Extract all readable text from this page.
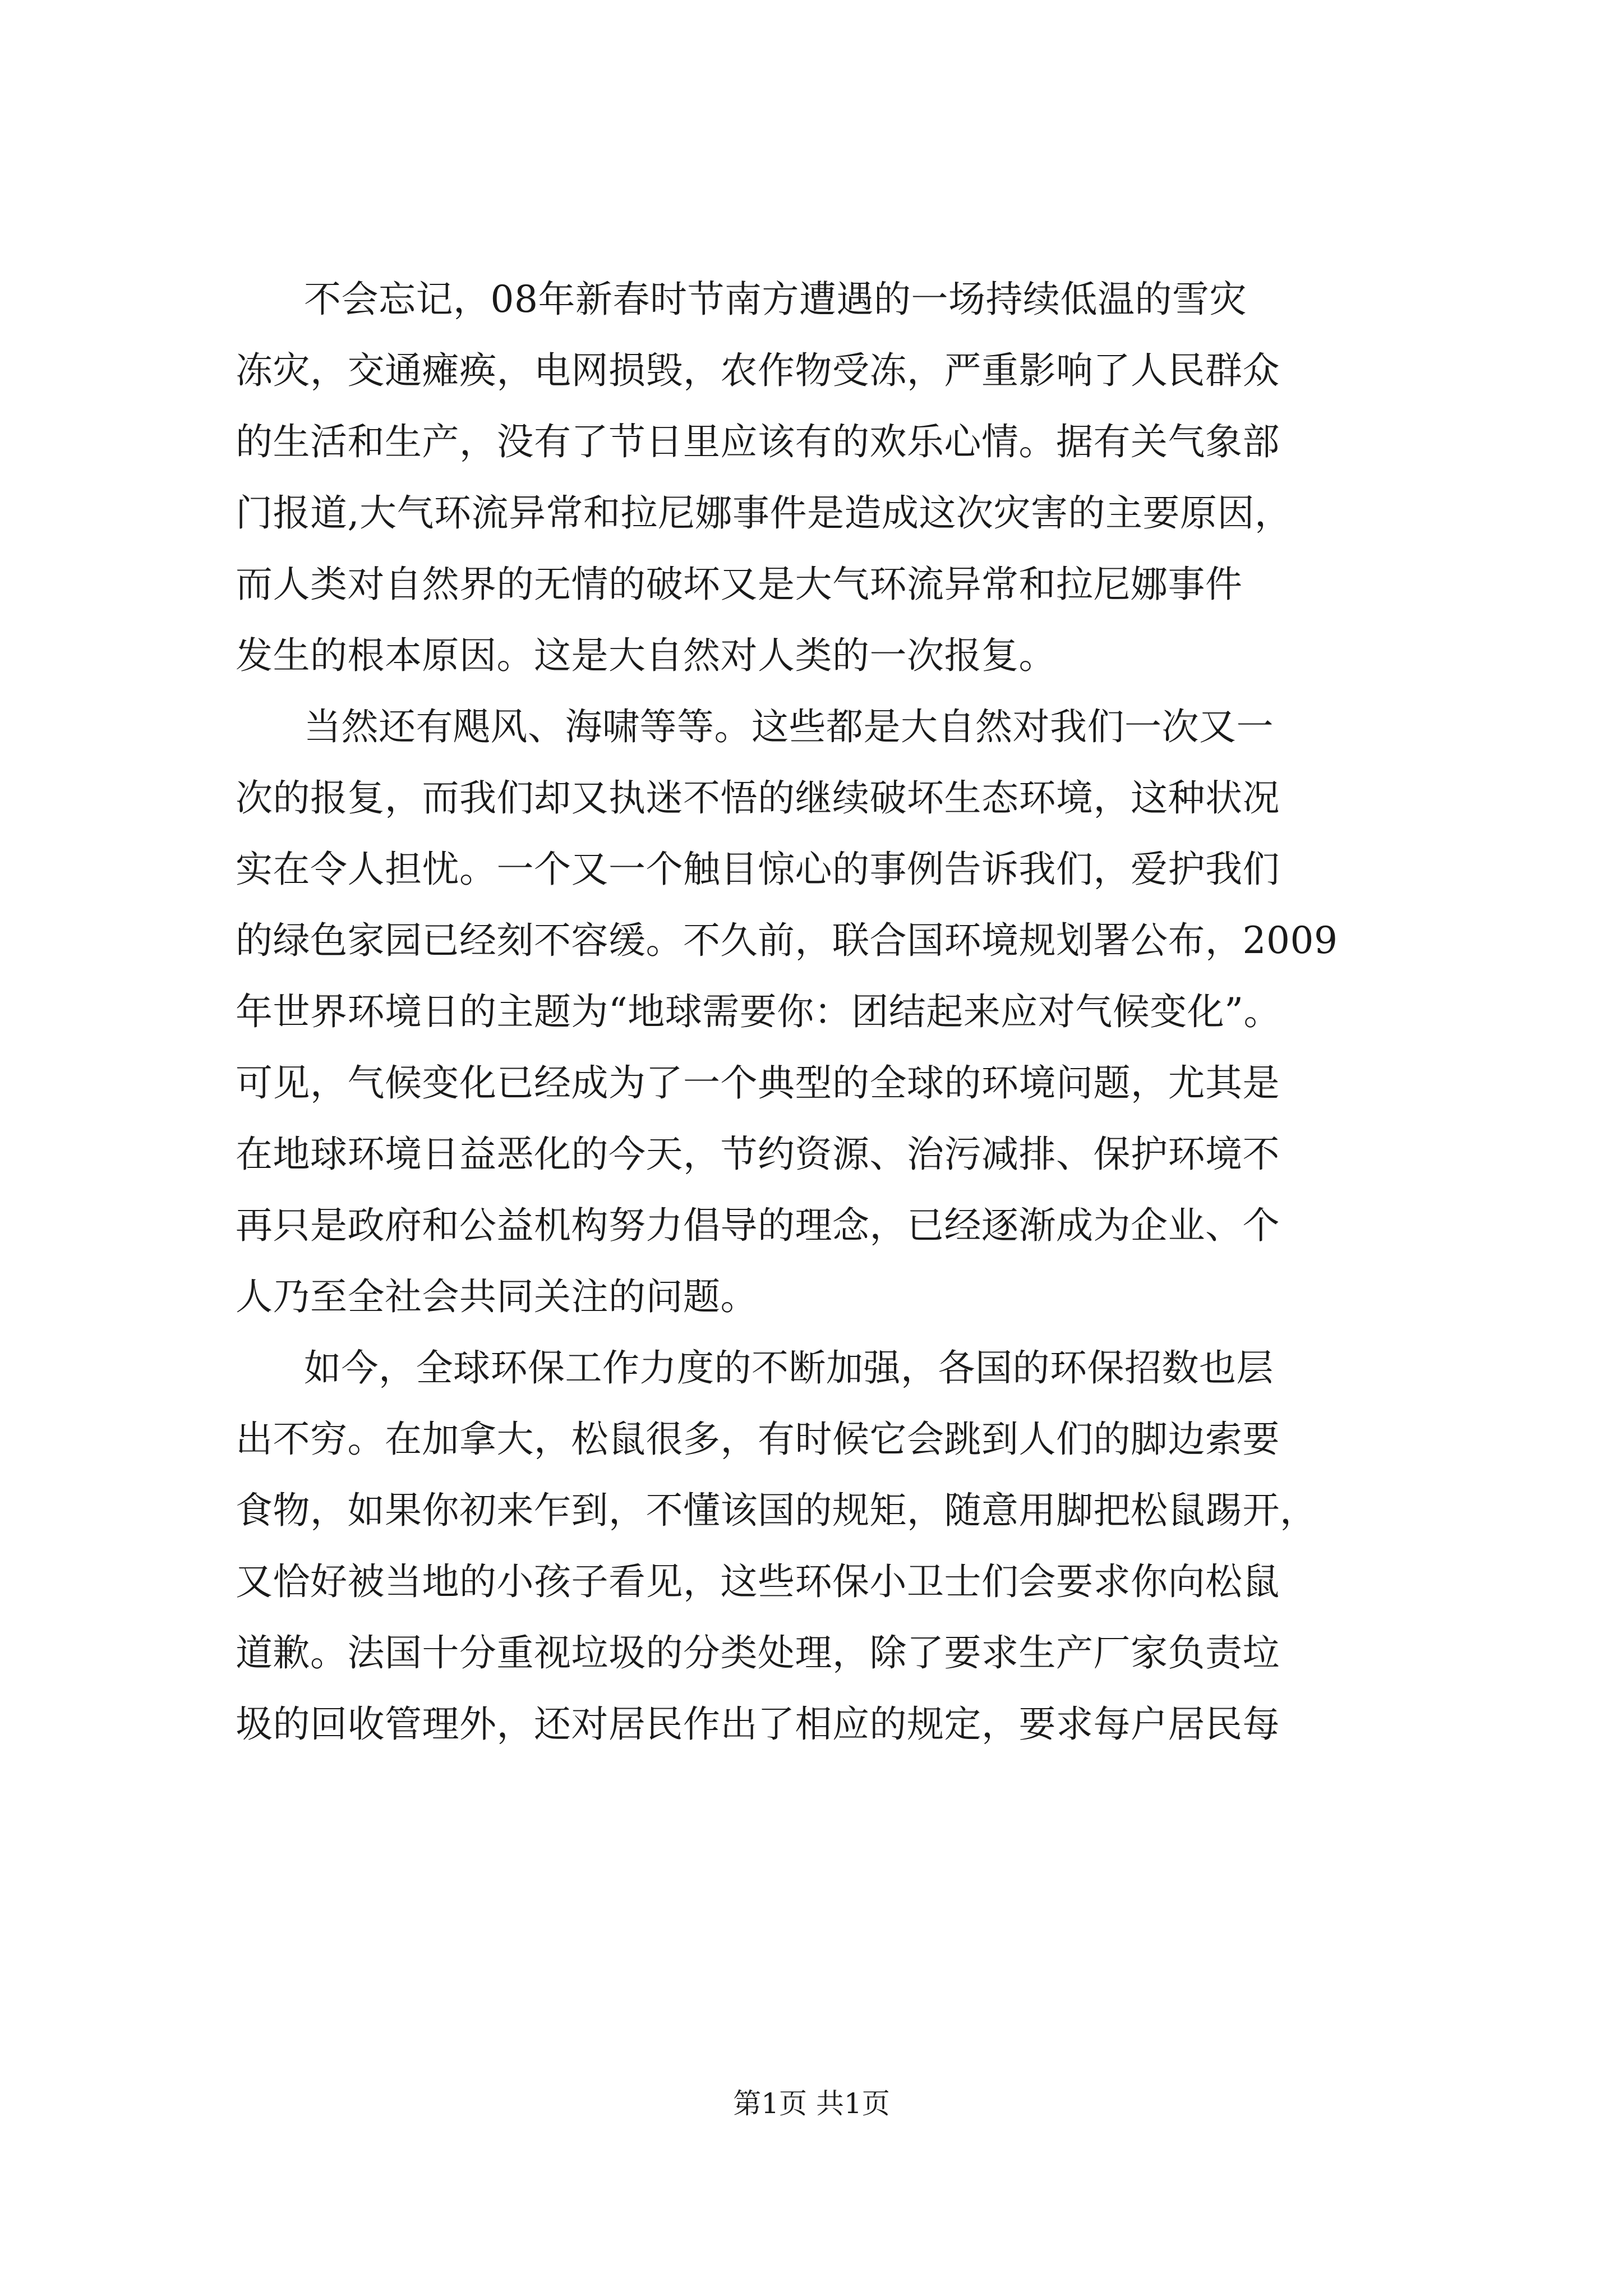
不会忘记，08年新春时节南方遭遇的一场持续低温的雪灾
冻灾，交通瘫痪，电网损毁，农作物受冻，严重影响了人民群众
的生活和生产，没有了节日里应该有的欢乐心情。据有关气象部
门报道,大气环流异常和拉尼娜事件是造成这次灾害的主要原因，
而人类对自然界的无情的破坏又是大气环流异常和拉尼娜事件
发生的根本原因。这是大自然对人类的一次报复。
当然还有飓风、海啸等等。这些都是大自然对我们一次又一
次的报复，而我们却又执迷不悟的继续破坏生态环境，这种状况
实在令人担忧。一个又一个触目惊心的事例告诉我们，爱护我们
的绿色家园已经刻不容缓。不久前，联合国环境规划署公布，2009
年世界环境日的主题为“地球需要你：团结起来应对气候变化”。
可见，气候变化已经成为了一个典型的全球的环境问题，尤其是
在地球环境日益恶化的今天，节约资源、治污减排、保护环境不
再只是政府和公益机构努力倡导的理念，已经逐渐成为企业、个
人乃至全社会共同关注的问题。
如今，全球环保工作力度的不断加强，各国的环保招数也层
出不穷。在加拿大，松鼠很多，有时候它会跳到人们的脚边索要
食物，如果你初来乍到，不懂该国的规矩，随意用脚把松鼠踢开，
又恰好被当地的小孩子看见，这些环保小卫士们会要求你向松鼠
道歉。法国十分重视垃圾的分类处理，除了要求生产厂家负责垃
圾的回收管理外，还对居民作出了相应的规定，要求每户居民每
第1页 共1页
